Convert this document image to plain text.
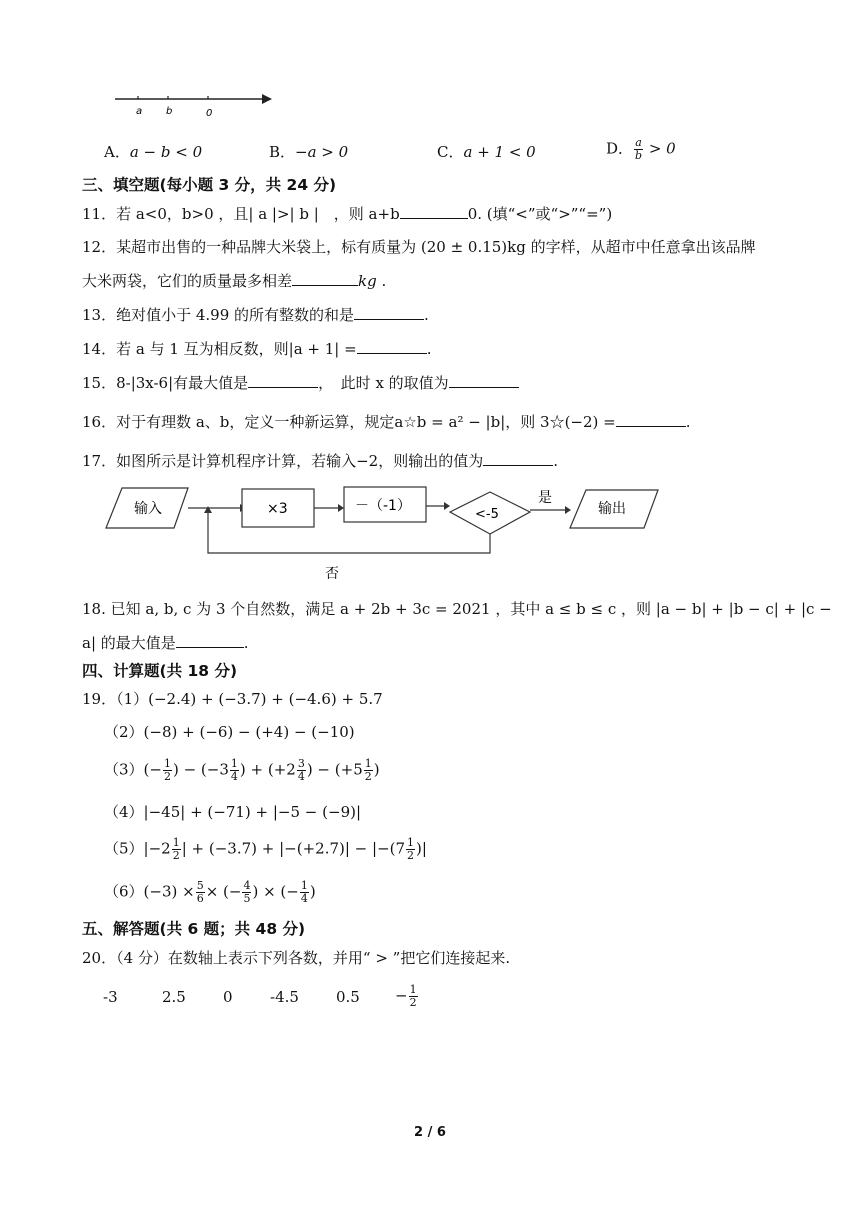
a b	0
A．a − b < 0	B．−a > 0	C．a + 1 < 0	D． $\frac{a}{b} > 0$
三、填空题(每小题 3 分，共 24 分)
11．若 a<0，b>0 ，且| a |>| b |　，则 a+b	0. (填“<”或“>”“=”)
12．某超市出售的一种品牌大米袋上，标有质量为 (20 ± 0.15)kg 的字样，从超市中任意拿出该品牌
大米两袋，它们的质量最多相差	kg .
13．绝对值小于 4.99 的所有整数的和是	.
14．若 a 与 1 互为相反数，则|a + 1| =	.
15．8-|3x-6|有最大值是	，　此时 x 的取值为
16．对于有理数 a、b，定义一种新运算，规定a☆b = a² − |b|，则 3☆(−2) =	.
17．如图所示是计算机程序计算，若输入−2，则输出的值为	.
输入	×3	－（-1）
<-5
是
输出
否
18. 已知 a, b, c 为 3 个自然数，满足 a + 2b + 3c = 2021 ，其中 a ≤ b ≤ c ，则 |a − b| + |b − c| + |c −
a| 的最大值是	.
四、计算题(共 18 分)
19．（1）(−2.4) + (−3.7) + (−4.6) + 5.7
（2）(−8) + (−6) − (+4) − (−10)
$(3)(- \frac{1}{2}$ ) − ($-3 \frac{1}{4}$ ) + ($+2 \frac{3}{4}$ ) − ($+5 \frac{1}{2}$ )
（4）|−45| + (−71) + |−5 − (−9)|
$(5)|-2 \frac{1}{2}$ | + $(-3.7) + |-(+2.7)| - |-(7 \frac{1}{2}$ )|
$(6)(-3) \times \frac{5}{6}$ × (− $\frac{4}{5}$ ) × (− $\frac{1}{4}$ )
五、解答题(共 6 题；共 48 分)
20．（4 分）在数轴上表示下列各数，并用“ > ”把它们连接起来.
-3	2.5 0 -4.5 $0.5 - \frac{1}{2}$
2 / 6
